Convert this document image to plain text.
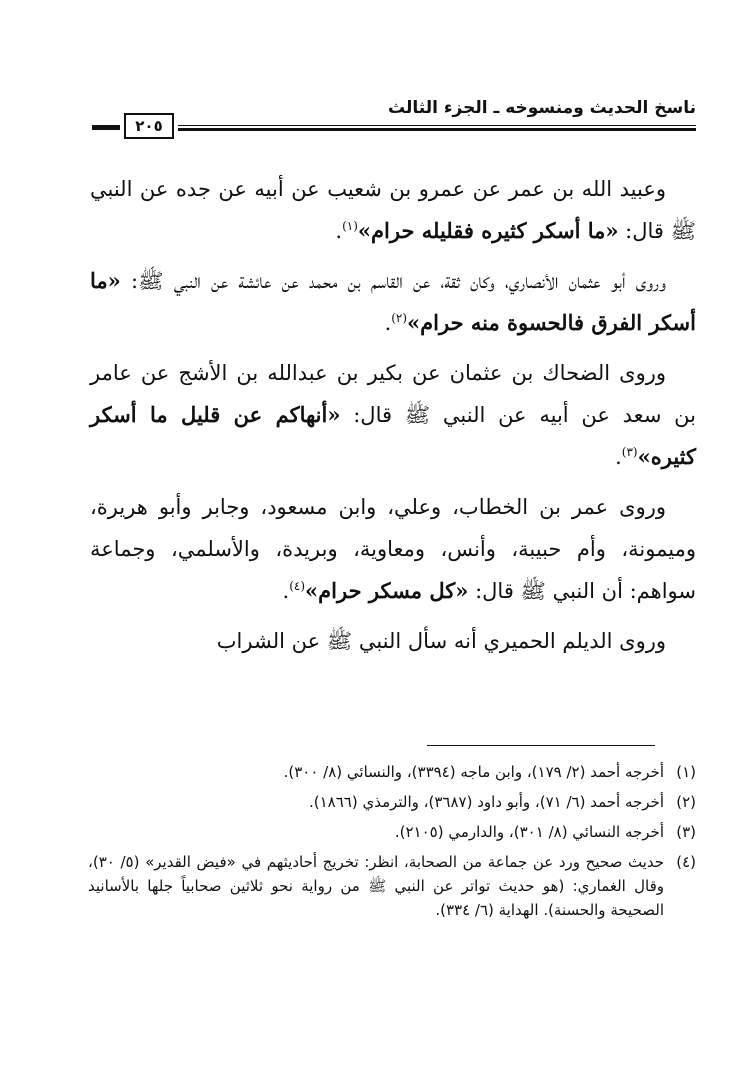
ناسخ الحديث ومنسوخه ـ الجزء الثالث
٢٠٥

وعبيد الله بن عمر عن عمرو بن شعيب عن أبيه عن جده عن النبي ﷺ قال: «ما أسكر كثيره فقليله حرام»$^{(١)}$.

وروى أبو عثمان الأنصاري، وكان ثقة، عن القاسم بن محمد عن عائشة عن النبي ﷺ: «ما أسكر الفرق فالحسوة منه حرام»$^{(٢)}$.

وروى الضحاك بن عثمان عن بكير بن عبدالله بن الأشج عن عامر بن سعد عن أبيه عن النبي ﷺ قال: «أنهاكم عن قليل ما أسكر كثيره»$^{(٣)}$.

وروى عمر بن الخطاب، وعلي، وابن مسعود، وجابر وأبو هريرة، وميمونة، وأم حبيبة، وأنس، ومعاوية، وبريدة، والأسلمي، وجماعة سواهم: أن النبي ﷺ قال: «كل مسكر حرام»$^{(٤)}$.

وروى الديلم الحميري أنه سأل النبي ﷺ عن الشراب

(١)
أخرجه أحمد (٢/ ١٧٩)، وابن ماجه (٣٣٩٤)، والنسائي (٨/ ٣٠٠).
(٢)
أخرجه أحمد (٦/ ٧١)، وأبو داود (٣٦٨٧)، والترمذي (١٨٦٦).
(٣)
أخرجه النسائي (٨/ ٣٠١)، والدارمي (٢١٠٥).
(٤)
حديث صحيح ورد عن جماعة من الصحابة، انظر: تخريج أحاديثهم في «فيض القدير» (٥/ ٣٠)، وقال الغماري: (هو حديث تواتر عن النبي ﷺ من رواية نحو ثلاثين صحابياً جلها بالأسانيد الصحيحة والحسنة). الهداية (٦/ ٣٣٤).
